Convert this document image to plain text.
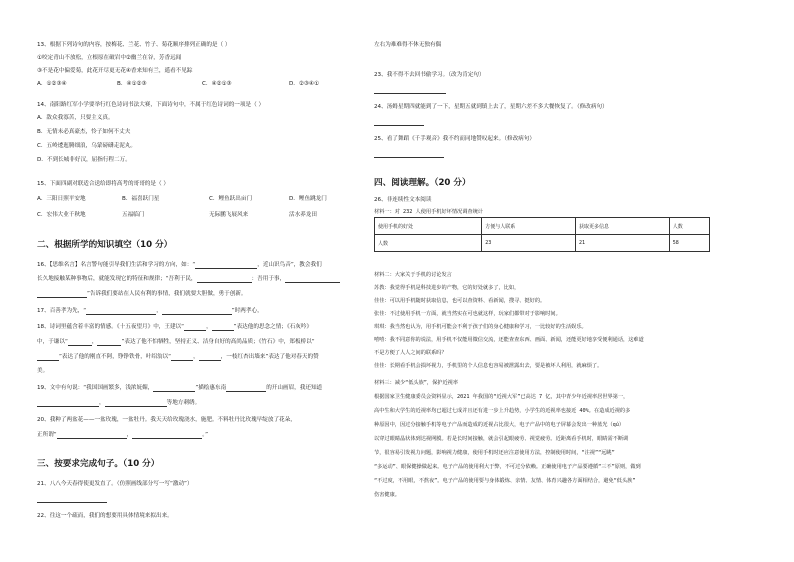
13、根据下列诗句的内容，按梅花、兰花、竹子、菊花顺序排列正确的是（ ）
①咬定青山不放松，立根原在破岩中②幽兰在谷，芳香远闻
③不是花中偏爱菊，此花开尽更无花④香来知有兰，遥看不见踪
A．①②③④	B．④①②③	C．④②①③	D．②③④①
14、南阳路红军小学要举行红色诗词书法大赛，下面诗句中，不属于红色诗词的一项是（ ）
A．敌众我寡苦，只要主义真。
B．无情未必真豪杰，怜子如何不丈夫
C．五岭逶迤腾细浪，乌蒙磅礴走泥丸。
D．不到长城非好汉，屈指行程二万。
15、下面四副对联适合送给即将高考的哥哥的是（ ）
A．三阳日照平安地	B．福喜跃门星	C．鲤鱼跃出亩门	D．鲤鱼跳龙门
C．宏伟大业千秋地	五福临门	无际鹏飞展风来	活水养龙田
二、根据所学的知识填空（10 分）
16、【思维名言】名言警句能引导我们生活和学习的方向，如：“	，近山识鸟音”，教会我们
长久地接触某种事物后，就能发现它的特征和规律；“吾利于民，	：吾用于事，
”告诉我们要站在人民有利的事情，我们就要大胆做，勇于创新。
17、百善孝为先，“	，	”时两孝心，
18、诗词里蕴含着丰富的情感。《十五夜望月》中，王建以“	，	”表达他的思念之情；《石灰吟》
中，于谦以“	，	”表达了他不怕牺牲，坚持正义、洁身自好的高尚品质；《竹石》中，郑板桥以“
”表达了他的刚直不阿，铮铮铁骨，叶绍翁以“	，	，一枝红杏出墙来”表达了他对春天的赞
美。
19、文中有句说：“我国国画繁多，浅浓妩媚，	”描绘惠东南	的开山画眉，我还知道
，	等地方刺绣。
20、我种了两盆花——一盆玫瑰，一盆牡丹。我天天给玫瑰浇水，施肥。不料牡丹比玫瑰早绽放了花朵，
正所谓“	，	。”
三、按要求完成句子。（10 分）
21、八八今天春得使更发直了。（仿照画线部分写一写“激动”）
22、往这一个疏而，我们的想要用具体情境来拟出来。
左右为难难得不休无独有偶
23、我不得不去回书偷学习。（改为肯定句）
24、汤姆星期四就能到了一下，星期五就到镇上去了，星期六差不多大餐恢复了。（修改病句）
25、看了舞蹈《千手观音》我不约而同地赞叹起来。（修改病句）
四、阅读理解。（20 分）
26、非连续性文本阅读
材料一：对 232 人使用手机好坏情况调查统计
使用手机的好处	方便与人联系	获取更多信息	人数
人数	23	21	58
材料二：大家关于手机的讨论发言
苏教：我觉得手机是科技进步的产物，它的好处就多了，比如，
佳佳：可以用手机随时获取信息，也可以查资料、看新闻，搜寻、挺好的。
张佳：不过使用手机一方面，就当然实在可也就这样，玩家们都带对于影响时间。
琪琪：我当然也认为，用手机可能会不利于孩子们的身心健康和学习，一比较好的生活娱乐。
嘻嘻：我不同意你的说法，用手机不仅能用微信交流，还能查查东西、画面、新闻，还能更好地享受便利通话，这难道
不是方便了人人之间的联系吗？
佳佳：长期看手机会损坏视力，手机里的个人信息也容易被泄露出去，要是被坏人利用，就麻烦了。
材料三：减少“低头族”，保护近视率
根据国家卫生健康委员会资料显示，2021 年我国的“近视大军”已高达 7 亿，其中青少年近视率居世界第一，
高中生和大学生的近视率均已超过七成并且还有进一步上升趋势，小学生的近视率也接近 40%。在造成近视的多
种原因中，因过分接触手机等电子产品而造成的近视占比很大，电子产品中的电子屏幕会发出一种蓝光（qú）
以穿过眼睛晶状体到达视网膜。若是长时间接触，就会引起眼疲劳、视觉疲劳。近距离看手机时，眼睛需不断调
节，很容易引发视力问题，影响视力健康，使用手机时还应注意使用方法，控制使用时间，“注视”“远眺”
“多运动”、眼保健操做起来。电子产品的使用利大于弊，不可过分依赖。正确使用电子产品要遵循“三不”原则，做到
“不过度，不用眼，不熬夜”。电子产品的使用要与身体锻炼、亲情、友情、体育兴趣各方面相结合，避免“低头族”
伤害健康。
